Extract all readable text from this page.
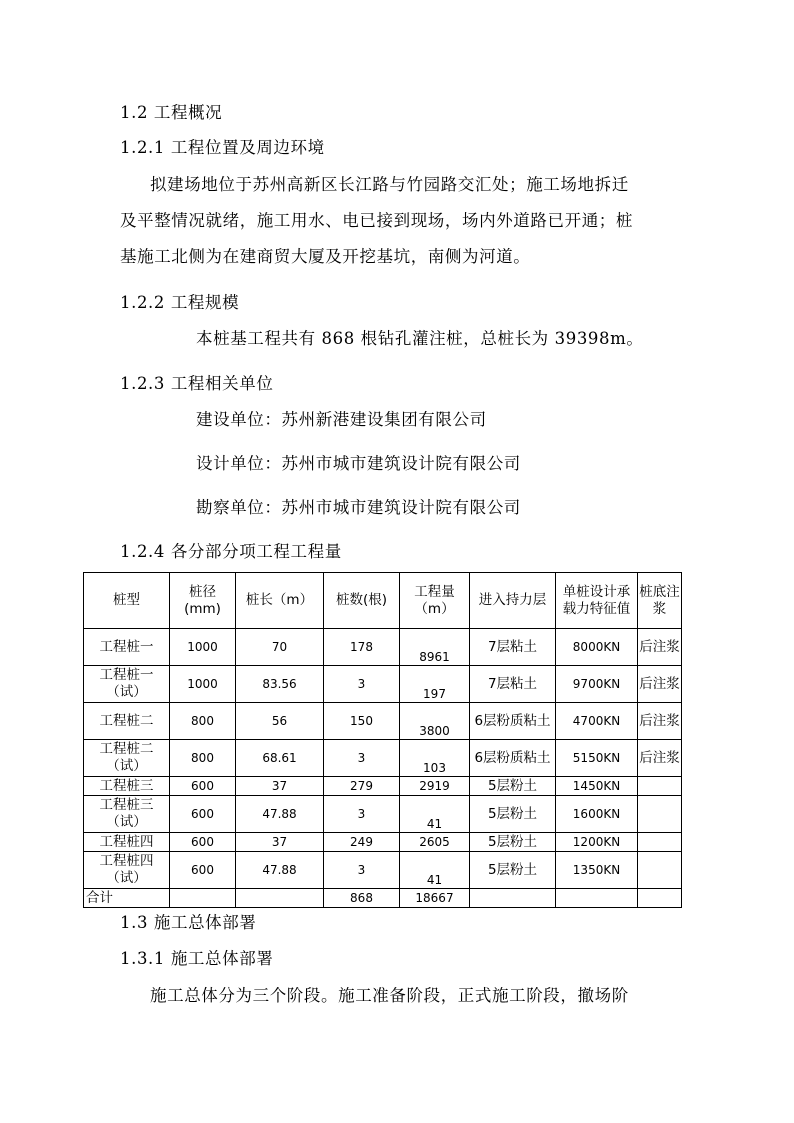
1.2 工程概况
1.2.1 工程位置及周边环境
拟建场地位于苏州高新区长江路与竹园路交汇处；施工场地拆迁
及平整情况就绪，施工用水、电已接到现场，场内外道路已开通；桩
基施工北侧为在建商贸大厦及开挖基坑，南侧为河道。
1.2.2 工程规模
本桩基工程共有 868 根钻孔灌注桩，总桩长为 39398m。
1.2.3 工程相关单位
建设单位：苏州新港建设集团有限公司
设计单位：苏州市城市建筑设计院有限公司
勘察单位：苏州市城市建筑设计院有限公司
1.2.4 各分部分项工程工程量
桩型	桩径(mm)	桩长（m）	桩数(根)	工程量（m）	进入持力层	单桩设计承载力特征值	桩底注浆
工程桩一	1000	70	178	8961	7层粘土	8000KN	后注浆
工程桩一（试）	1000	83.56	3	197	7层粘土	9700KN	后注浆
工程桩二	800	56	150	3800	6层粉质粘土	4700KN	后注浆
工程桩二（试）	800	68.61	3	103	6层粉质粘土	5150KN	后注浆
工程桩三	600	37	279	2919	5层粉土	1450KN	
工程桩三（试）	600	47.88	3	41	5层粉土	1600KN	
工程桩四	600	37	249	2605	5层粉土	1200KN	
工程桩四（试）	600	47.88	3	41	5层粉土	1350KN	
合计			868	18667			
1.3 施工总体部署
1.3.1 施工总体部署
施工总体分为三个阶段。施工准备阶段，正式施工阶段，撤场阶
